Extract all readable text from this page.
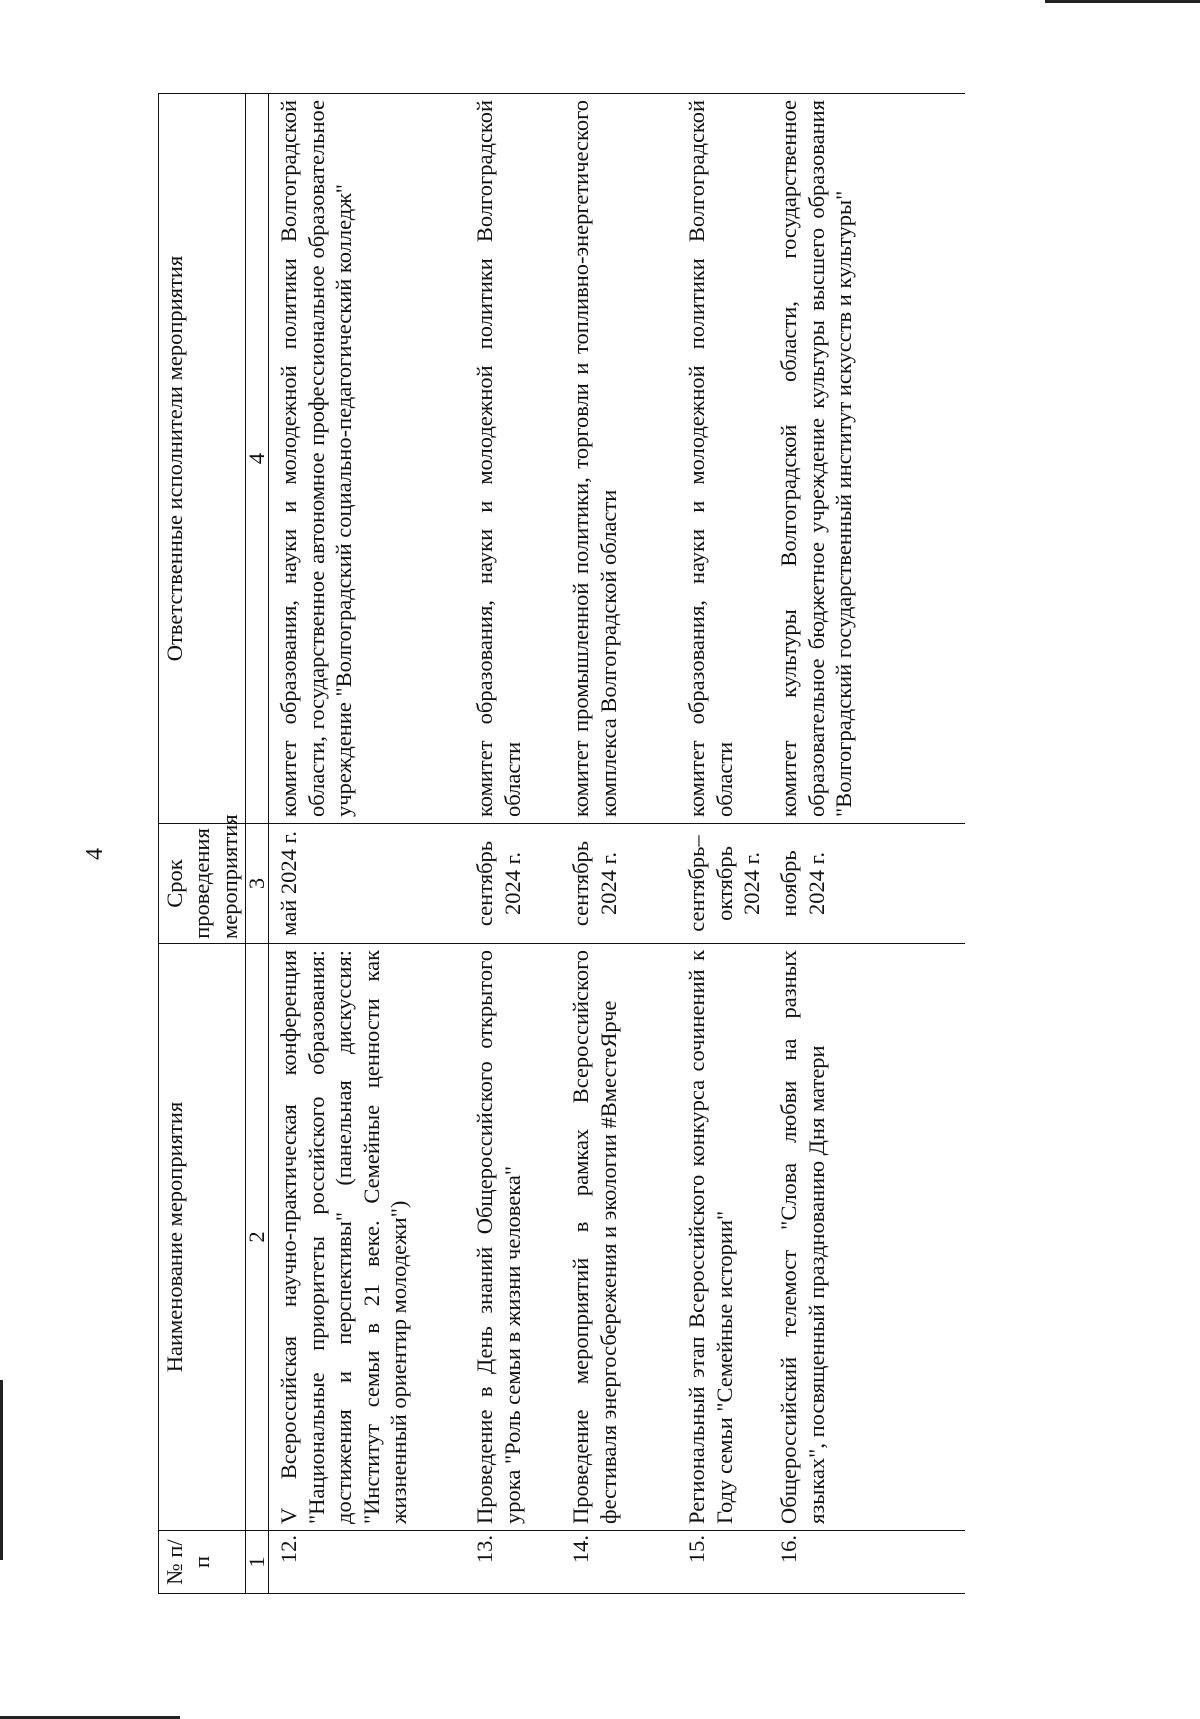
4
№ п/п	Наименование мероприятия	Срок проведения мероприятия	Ответственные исполнители мероприятия
1	2	3	4
12.	V Всероссийская научно-практическая конференция "Национальные приоритеты российского образования: достижения и перспективы" (панельная дискуссия: "Институт семьи в 21 веке. Семейные ценности как жизненный ориентир молодежи")	май 2024 г.	комитет образования, науки и молодежной политики Волгоградской области, государственное автономное профессиональное образовательное учреждение "Волгоградский социально-педагогический колледж"
13.	Проведение в День знаний Общероссийского открытого урока "Роль семьи в жизни человека"	сентябрь 2024 г.	комитет образования, науки и молодежной политики Волгоградской области
14.	Проведение мероприятий в рамках Всероссийского фестиваля энергосбережения и экологии #ВместеЯрче	сентябрь 2024 г.	комитет промышленной политики, торговли и топливно-энергетического комплекса Волгоградской области
15.	Региональный этап Всероссийского конкурса сочинений к Году семьи "Семейные истории"	сентябрь–октябрь 2024 г.	комитет образования, науки и молодежной политики Волгоградской области
16.	Общероссийский телемост "Слова любви на разных языках", посвященный празднованию Дня матери	ноябрь 2024 г.	комитет культуры Волгоградской области, государственное образовательное бюджетное учреждение культуры высшего образования "Волгоградский государственный институт искусств и культуры"
